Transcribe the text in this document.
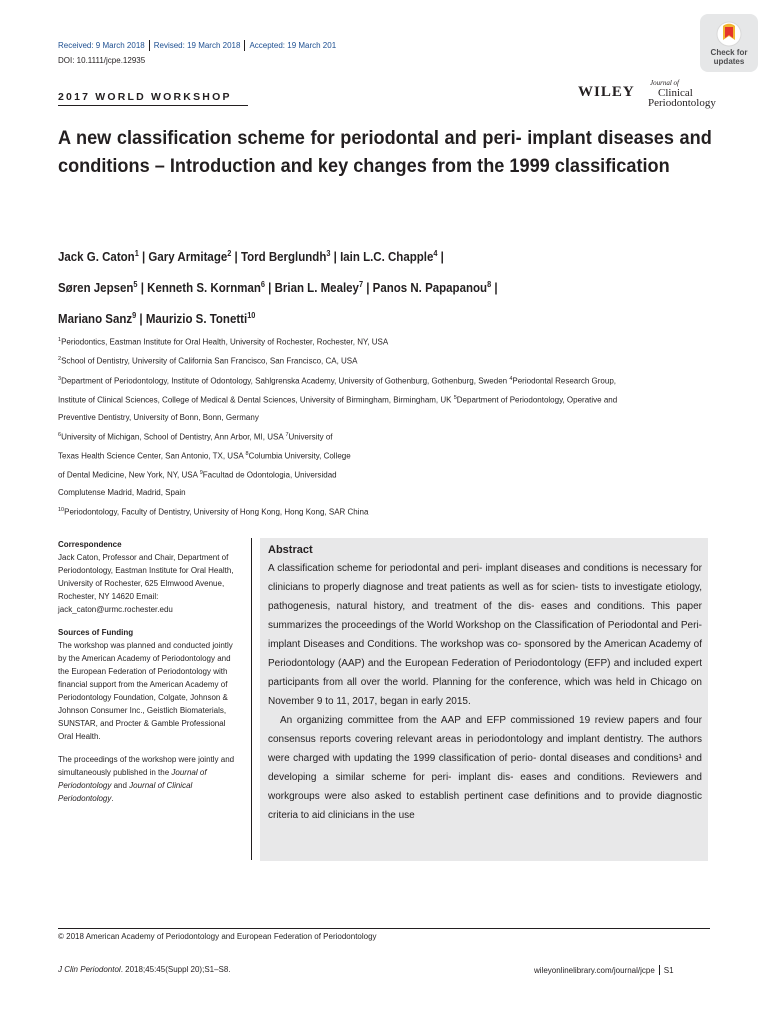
Received: 9 March 2018 Revised: 19 March 2018 Accepted: 19 March 201
DOI: 10.1111/jcpe.12935
Check for
updates
WILEY
Journal of
Clinical
Periodontology
2017 WORLD WORKSHOP
A new classification scheme for periodontal and peri- implant diseases and conditions – Introduction and key changes from the 1999 classification
Jack G. Caton$^1$ | Gary Armitage$^2$ | Tord Berglundh$^3$ | Iain L.C. Chapple$^4$ |
Søren Jepsen$^5$ | Kenneth S. Kornman$^6$ | Brian L. Mealey$^7$ | Panos N. Papapanou$^8$ |
Mariano Sanz$^9$ | Maurizio S. Tonetti$^{10}$
$^1$Periodontics, Eastman Institute for Oral Health, University of Rochester, Rochester, NY, USA
$^2$School of Dentistry, University of California San Francisco, San Francisco, CA, USA
$^3$Department of Periodontology, Institute of Odontology, Sahlgrenska Academy, University of Gothenburg, Gothenburg, Sweden $^4$Periodontal Research Group,
Institute of Clinical Sciences, College of Medical & Dental Sciences, University of Birmingham, Birmingham, UK $^5$Department of Periodontology, Operative and
Preventive Dentistry, University of Bonn, Bonn, Germany
$^6$University of Michigan, School of Dentistry, Ann Arbor, MI, USA $^7$University of
Texas Health Science Center, San Antonio, TX, USA $^8$Columbia University, College
of Dental Medicine, New York, NY, USA $^9$Facultad de Odontologia, Universidad
Complutense Madrid, Madrid, Spain
$^{10}$Periodontology, Faculty of Dentistry, University of Hong Kong, Hong Kong, SAR China

Correspondence
Jack Caton, Professor and Chair, Department of Periodontology, Eastman Institute for Oral Health, University of Rochester, 625 Elmwood Avenue, Rochester, NY 14620 Email: jack_caton@urmc.rochester.edu

Sources of Funding
The workshop was planned and conducted jointly by the American Academy of Periodontology and the European Federation of Periodontology with financial support from the American Academy of Periodontology Foundation, Colgate, Johnson & Johnson Consumer Inc., Geistlich Biomaterials, SUNSTAR, and Procter & Gamble Professional Oral Health.

The proceedings of the workshop were jointly and simultaneously published in the Journal of Periodontology and Journal of Clinical Periodontology.

Abstract

A classification scheme for periodontal and peri- implant diseases and conditions is necessary for clinicians to properly diagnose and treat patients as well as for scien- tists to investigate etiology, pathogenesis, natural history, and treatment of the dis- eases and conditions. This paper summarizes the proceedings of the World Workshop on the Classification of Periodontal and Peri- implant Diseases and Conditions. The workshop was co- sponsored by the American Academy of Periodontology (AAP) and the European Federation of Periodontology (EFP) and included expert participants from all over the world. Planning for the conference, which was held in Chicago on November 9 to 11, 2017, began in early 2015.

An organizing committee from the AAP and EFP commissioned 19 review papers and four consensus reports covering relevant areas in periodontology and implant dentistry. The authors were charged with updating the 1999 classification of perio- dontal diseases and conditions¹ and developing a similar scheme for peri- implant dis- eases and conditions. Reviewers and workgroups were also asked to establish pertinent case definitions and to provide diagnostic criteria to aid clinicians in the use

© 2018 American Academy of Periodontology and European Federation of Periodontology
J Clin Periodontol. 2018;45:45(Suppl 20);S1–S8.	wileyonlinelibrary.com/journal/jcpe S1
